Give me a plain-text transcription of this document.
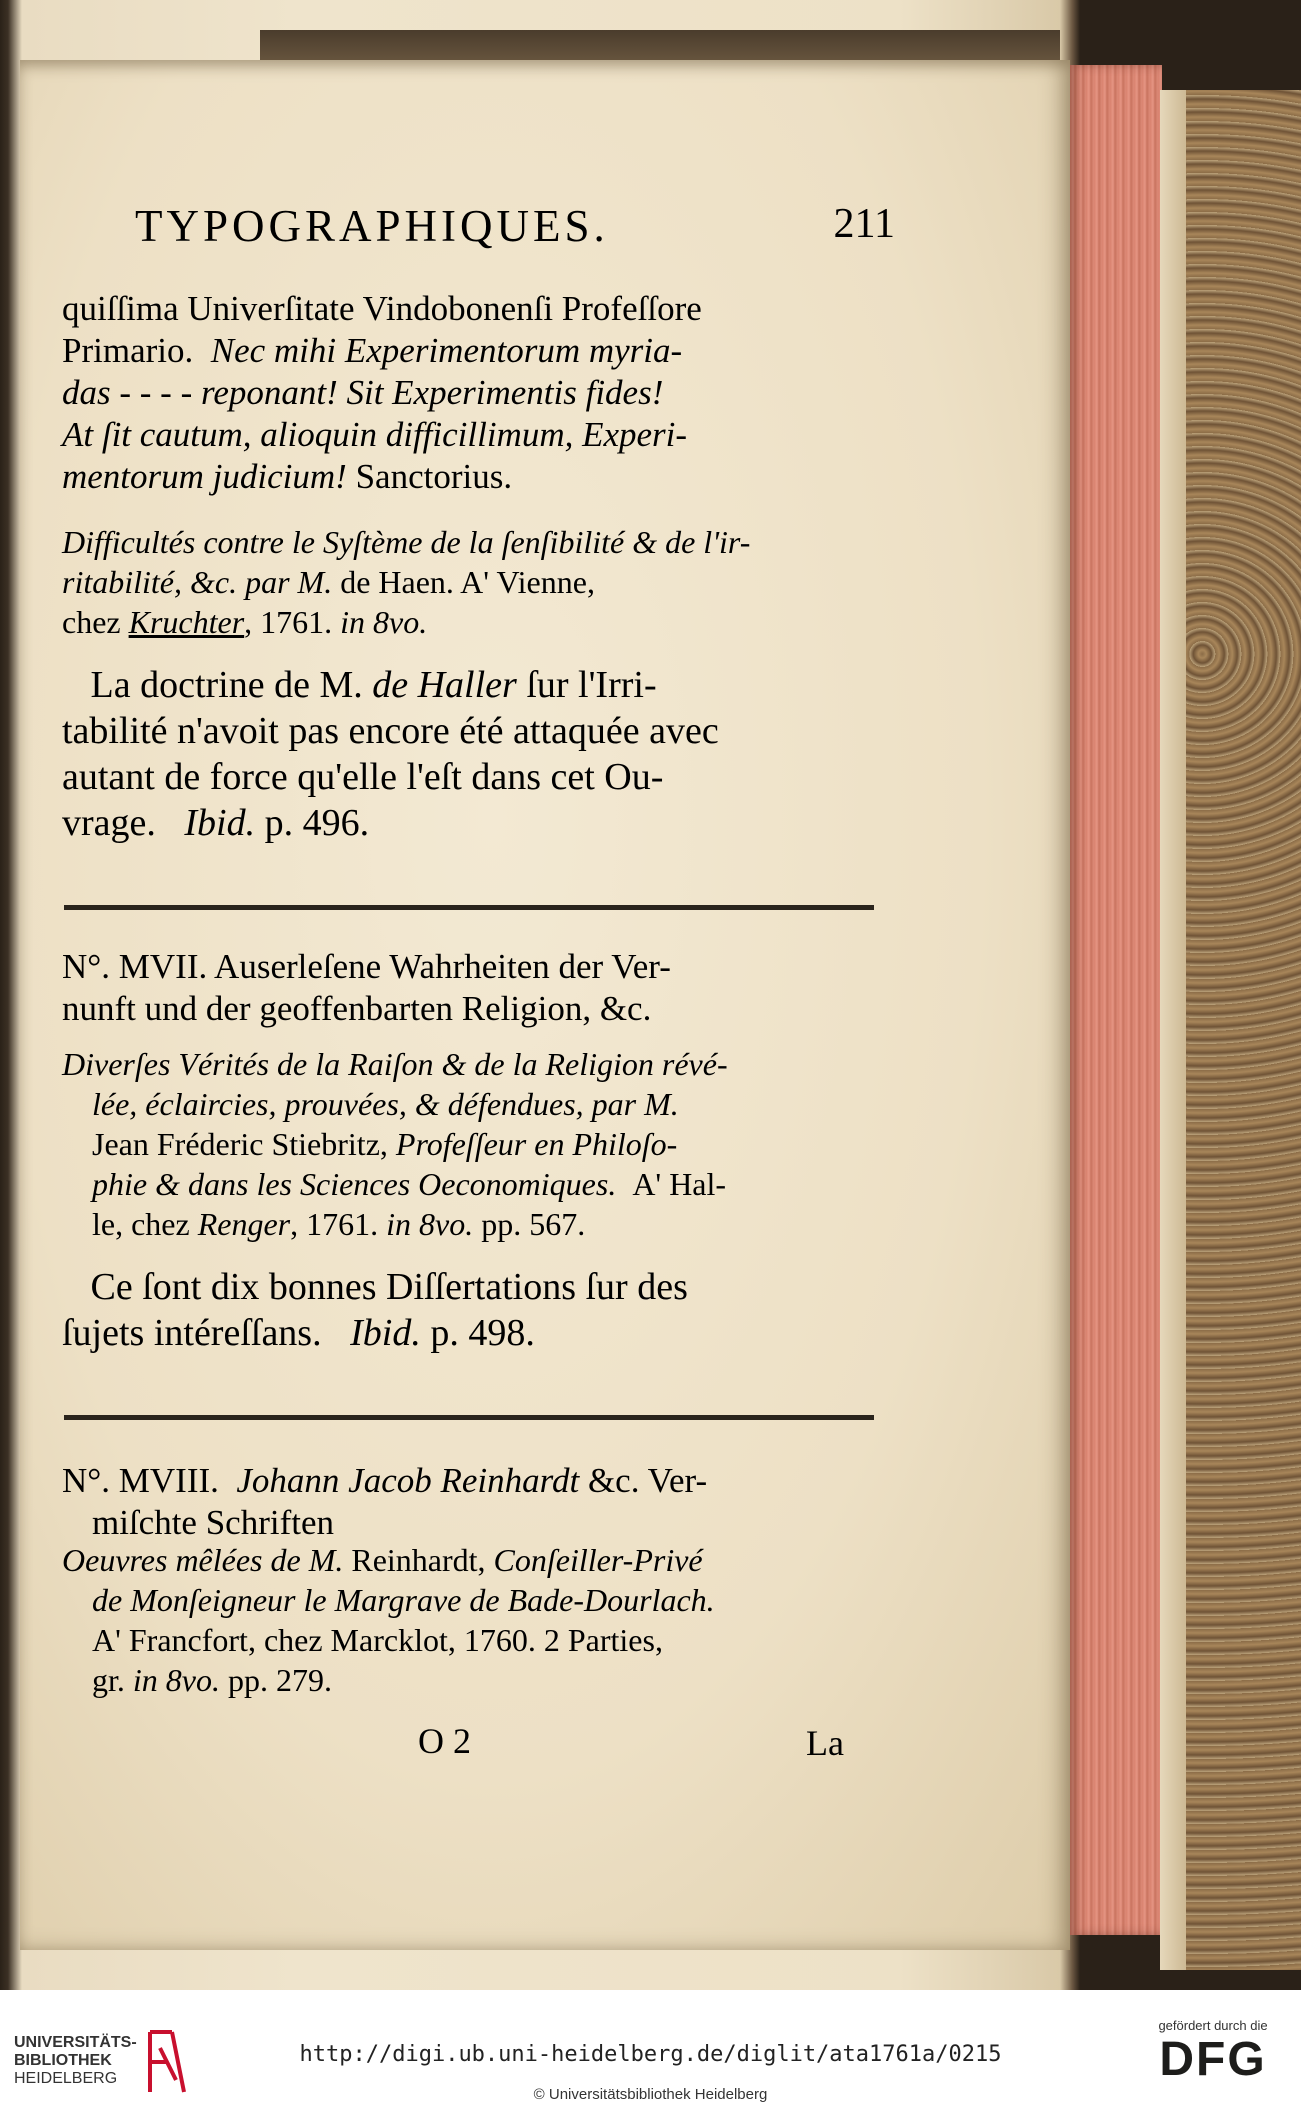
TYPOGRAPHIQUES.	211

quiſſima Univerſitate Vindobonenſi Profeſſore

Primario. Nec mihi Experimentorum myria-

das - - - - reponant! Sit Experimentis fides!

At ſit cautum, alioquin difficillimum, Experi-

mentorum judicium! Sanctorius.

Difficultés contre le Syſtème de la ſenſibilité & de l'ir-

ritabilité, &c. par M. de Haen. A' Vienne,

chez Kruchter, 1761. in 8vo.

La doctrine de M. de Haller ſur l'Irri-

tabilité n'avoit pas encore été attaquée avec

autant de force qu'elle l'eſt dans cet Ou-

vrage. Ibid. p. 496.

N°. MVII. Auserleſene Wahrheiten der Ver-

nunft und der geoffenbarten Religion, &c.

Diverſes Vérités de la Raiſon & de la Religion révé-

lée, éclaircies, prouvées, & défendues, par M.

Jean Fréderic Stiebritz, Profeſſeur en Philoſo-

phie & dans les Sciences Oeconomiques. A' Hal-

le, chez Renger, 1761. in 8vo. pp. 567.

Ce ſont dix bonnes Diſſertations ſur des

ſujets intéreſſans. Ibid. p. 498.

N°. MVIII. Johann Jacob Reinhardt &c. Ver-

miſchte Schriften

Oeuvres mêlées de M. Reinhardt, Conſeiller-Privé

de Monſeigneur le Margrave de Bade-Dourlach.

A' Francfort, chez Marcklot, 1760. 2 Parties,

gr. in 8vo. pp. 279.

O 2	La
UNIVERSITÄTS-
BIBLIOTHEK
HEIDELBERG
http://digi.ub.uni-heidelberg.de/diglit/ata1761a/0215
© Universitätsbibliothek Heidelberg
gefördert durch die
DFG
